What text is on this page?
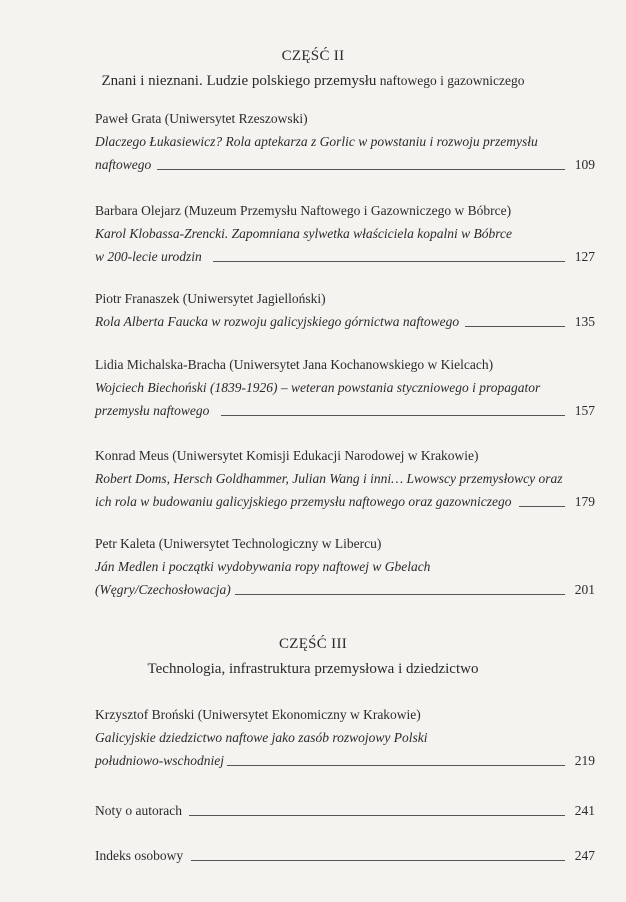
CZĘŚĆ II
Znani i nieznani. Ludzie polskiego przemysłu naftowego i gazowniczego
Paweł Grata (Uniwersytet Rzeszowski)
Dlaczego Łukasiewicz? Rola aptekarza z Gorlic w powstaniu i rozwoju przemysłu
naftowego	109
Barbara Olejarz (Muzeum Przemysłu Naftowego i Gazowniczego w Bóbrce)
Karol Klobassa-Zrencki. Zapomniana sylwetka właściciela kopalni w Bóbrce
w 200-lecie urodzin	127
Piotr Franaszek (Uniwersytet Jagielloński)
Rola Alberta Faucka w rozwoju galicyjskiego górnictwa naftowego	135
Lidia Michalska-Bracha (Uniwersytet Jana Kochanowskiego w Kielcach)
Wojciech Biechoński (1839-1926) – weteran powstania styczniowego i propagator
przemysłu naftowego	157
Konrad Meus (Uniwersytet Komisji Edukacji Narodowej w Krakowie)
Robert Doms, Hersch Goldhammer, Julian Wang i inni… Lwowscy przemysłowcy oraz
ich rola w budowaniu galicyjskiego przemysłu naftowego oraz gazowniczego	179
Petr Kaleta (Uniwersytet Technologiczny w Libercu)
Ján Medlen i początki wydobywania ropy naftowej w Gbelach
(Węgry/Czechosłowacja)	201
CZĘŚĆ III
Technologia, infrastruktura przemysłowa i dziedzictwo
Krzysztof Broński (Uniwersytet Ekonomiczny w Krakowie)
Galicyjskie dziedzictwo naftowe jako zasób rozwojowy Polski
południowo-wschodniej	219
Noty o autorach	241
Indeks osobowy	247
